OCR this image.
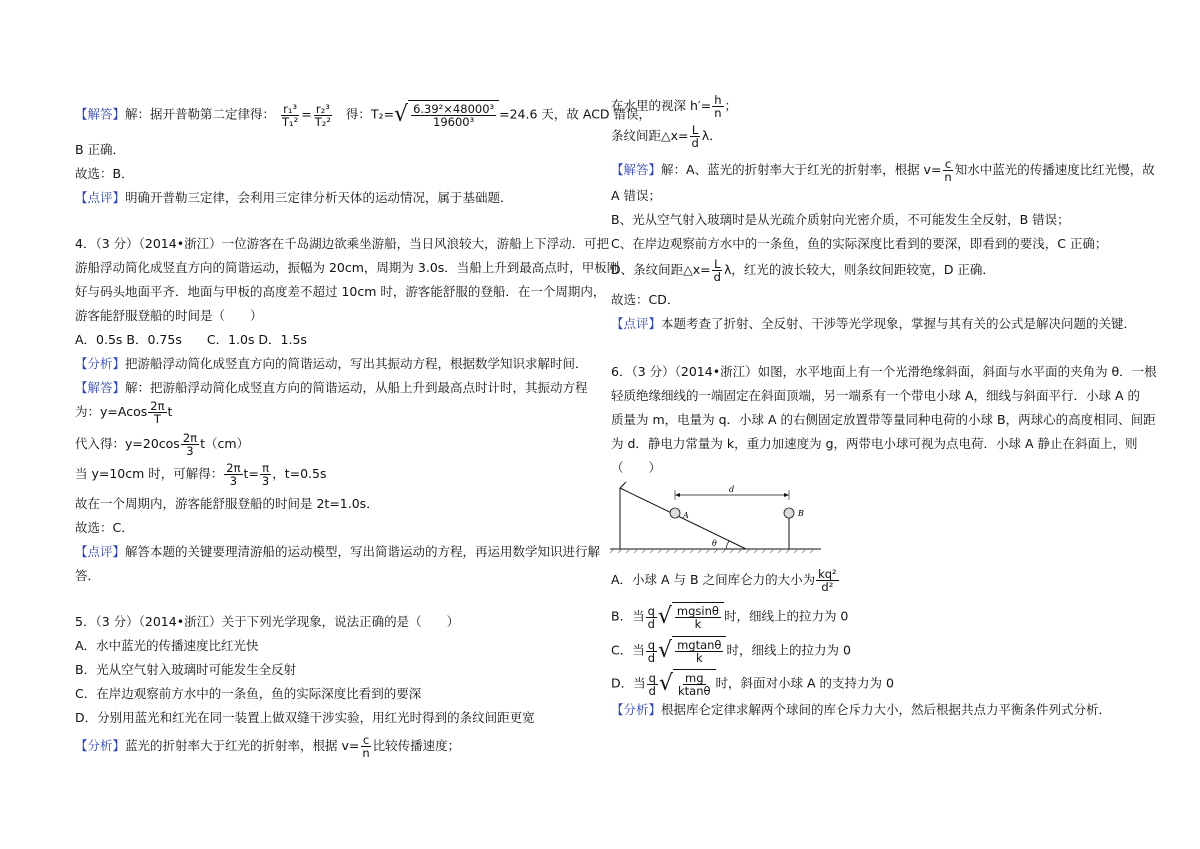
【解答】解：据开普勒第二定律得： $\frac{\text{r₁³}}{\text{T₁²}} = \frac{\text{r₂³}}{\text{T₂²}}$ 得：T₂= √ $\frac{\text{6.39²×48000³}}{\text{19600³}} =24.6$ 天，故 ACD 错误，
B 正确．
故选：B．
【点评】明确开普勒三定律，会利用三定律分析天体的运动情况，属于基础题．
4．（3 分）（2014•浙江）一位游客在千岛湖边欲乘坐游船，当日风浪较大，游船上下浮动．可把
游船浮动简化成竖直方向的简谐运动，振幅为 20cm，周期为 3.0s．当船上升到最高点时，甲板刚
好与码头地面平齐．地面与甲板的高度差不超过 10cm 时，游客能舒服的登船．在一个周期内，
游客能舒服登船的时间是（　　）
A．0.5s B．0.75s　　C．1.0s D．1.5s
【分析】把游船浮动简化成竖直方向的简谐运动，写出其振动方程，根据数学知识求解时间．
【解答】解：把游船浮动简化成竖直方向的简谐运动，从船上升到最高点时计时，其振动方程
为：$y=Acos \frac{2\pi}{T}$ t
代入得：$y=20\cos \frac{2\pi}{3} t(cm)$
当 y=10cm 时，可解得： $\frac{2\pi}{3} t= \frac{\pi}{3}$ ，t=0.5s
故在一个周期内，游客能舒服登船的时间是 2t=1.0s．
故选：C．
【点评】解答本题的关键要理清游船的运动模型，写出简谐运动的方程，再运用数学知识进行解
答．
5．（3 分）（2014•浙江）关于下列光学现象，说法正确的是（　　）
A．水中蓝光的传播速度比红光快
B．光从空气射入玻璃时可能发生全反射
C．在岸边观察前方水中的一条鱼，鱼的实际深度比看到的要深
D．分别用蓝光和红光在同一装置上做双缝干涉实验，用红光时得到的条纹间距更宽
【分析】蓝光的折射率大于红光的折射率，根据 $v= \frac{c}{n}$ 比较传播速度；
在水里的视深 $h'= \frac{h}{n}$ ；
条纹间距△x= $\frac{L}{d}$ λ．
【解答】解：A、蓝光的折射率大于红光的折射率，根据 $v= \frac{c}{n}$ 知水中蓝光的传播速度比红光慢，故
A 错误；
B、光从空气射入玻璃时是从光疏介质射向光密介质，不可能发生全反射，B 错误；
C、在岸边观察前方水中的一条鱼，鱼的实际深度比看到的要深，即看到的要浅，C 正确；
D、条纹间距△x= $\frac{L}{d}$ λ，红光的波长较大，则条纹间距较宽，D 正确．
故选：CD．
【点评】本题考查了折射、全反射、干涉等光学现象，掌握与其有关的公式是解决问题的关键．
6．（3 分）（2014•浙江）如图，水平地面上有一个光滑绝缘斜面，斜面与水平面的夹角为 θ．一根
轻质绝缘细线的一端固定在斜面顶端，另一端系有一个带电小球 A，细线与斜面平行．小球 A 的
质量为 m，电量为 q．小球 A 的右侧固定放置带等量同种电荷的小球 B，两球心的高度相同、间距
为 d．静电力常量为 k，重力加速度为 g，两带电小球可视为点电荷．小球 A 静止在斜面上，则
（　　）
θ
A	B
d
A．小球 A 与 B 之间库仑力的大小为 $\frac{\text{kq²}}{\text{d²}}$
B．当 $\frac{q}{d}$ √ $\frac{mgsin\theta}{k}$ 时，细线上的拉力为 0
C．当 $\frac{q}{d}$ √ $\frac{mgtan\theta}{k}$ 时，细线上的拉力为 0
D．当 $\frac{q}{d}$ √ $\frac{mg}{ktan\theta}$ 时，斜面对小球 A 的支持力为 0
【分析】根据库仑定律求解两个球间的库仑斥力大小，然后根据共点力平衡条件列式分析．
